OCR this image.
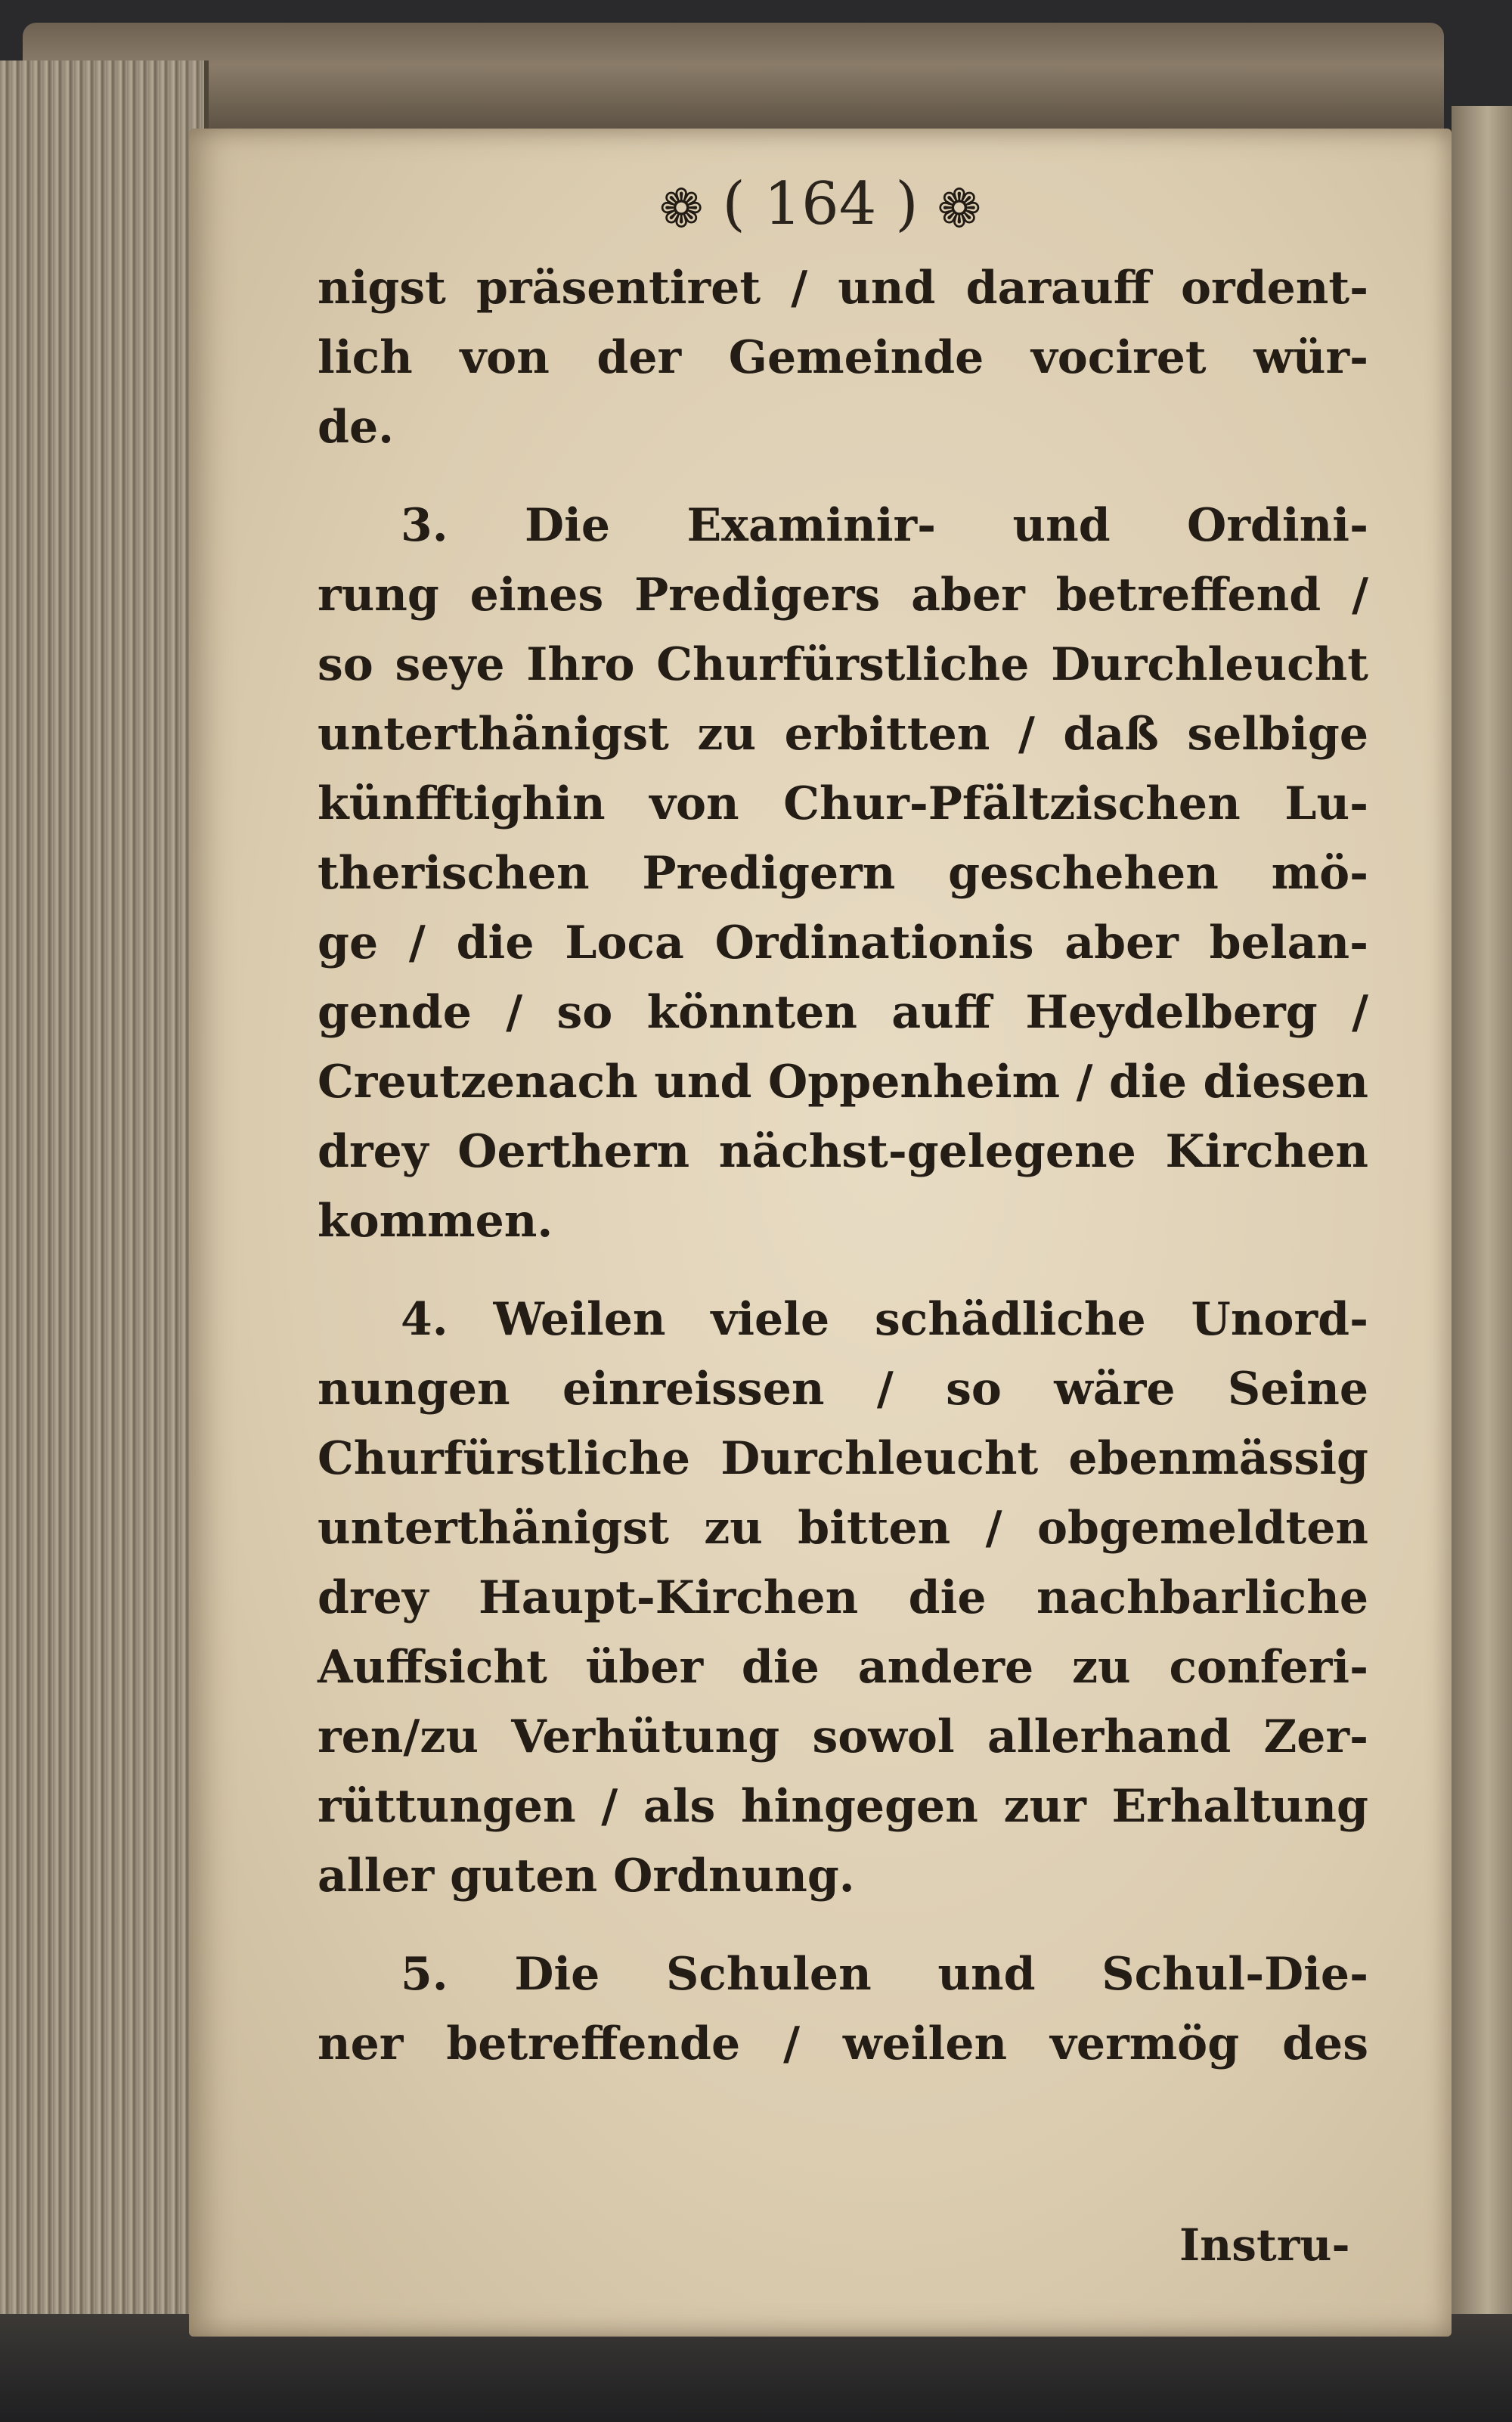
❁ ( 164 ) ❁
nigst präsentiret / und darauff ordent-
lich von der Gemeinde vociret wür-
de.
3. Die Examinir- und Ordini-
rung eines Predigers aber betreffend /
so seye Ihro Churfürstliche Durchleucht
unterthänigst zu erbitten / daß selbige
künfftighin von Chur-Pfältzischen Lu-
therischen Predigern geschehen mö-
ge / die Loca Ordinationis aber belan-
gende / so könnten auff Heydelberg /
Creutzenach und Oppenheim / die diesen
drey Oerthern nächst-gelegene Kirchen
kommen.
4. Weilen viele schädliche Unord-
nungen einreissen / so wäre Seine
Churfürstliche Durchleucht ebenmässig
unterthänigst zu bitten / obgemeldten
drey Haupt-Kirchen die nachbarliche
Auffsicht über die andere zu conferi-
ren/zu Verhütung sowol allerhand Zer-
rüttungen / als hingegen zur Erhaltung
aller guten Ordnung.
5. Die Schulen und Schul-Die-
ner betreffende / weilen vermög des
Instru-
